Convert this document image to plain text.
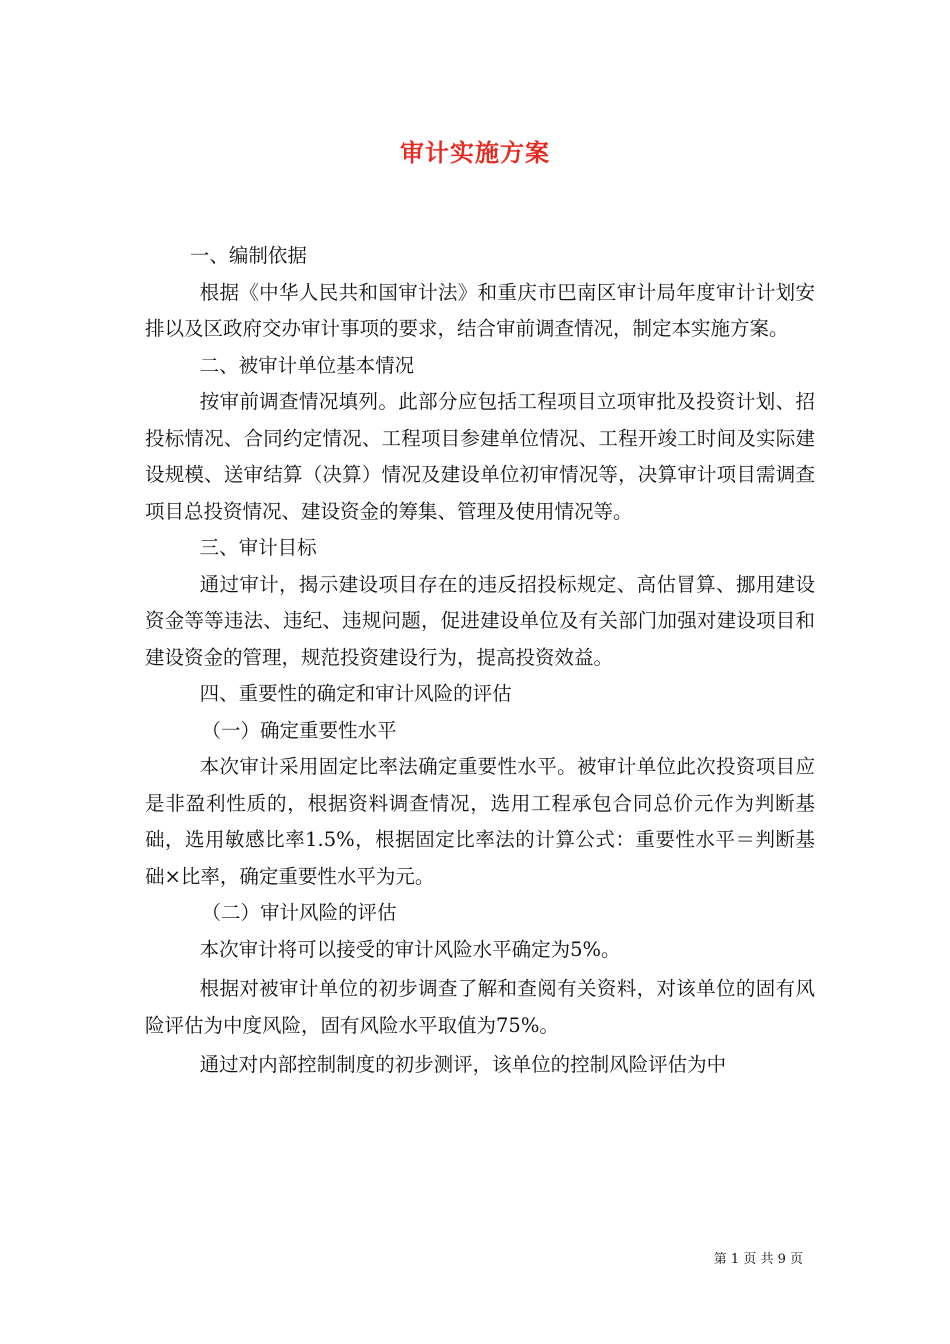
审计实施方案

一、编制依据

根据《中华人民共和国审计法》和重庆市巴南区审计局年度审计计划安排以及区政府交办审计事项的要求，结合审前调查情况，制定本实施方案。

二、被审计单位基本情况

按审前调查情况填列。此部分应包括工程项目立项审批及投资计划、招投标情况、合同约定情况、工程项目参建单位情况、工程开竣工时间及实际建设规模、送审结算（决算）情况及建设单位初审情况等，决算审计项目需调查项目总投资情况、建设资金的筹集、管理及使用情况等。

三、审计目标

通过审计，揭示建设项目存在的违反招投标规定、高估冒算、挪用建设资金等等违法、违纪、违规问题，促进建设单位及有关部门加强对建设项目和建设资金的管理，规范投资建设行为，提高投资效益。

四、重要性的确定和审计风险的评估

（一）确定重要性水平

本次审计采用固定比率法确定重要性水平。被审计单位此次投资项目应是非盈利性质的，根据资料调查情况，选用工程承包合同总价元作为判断基础，选用敏感比率1.5%，根据固定比率法的计算公式：重要性水平＝判断基础×比率，确定重要性水平为元。

（二）审计风险的评估

本次审计将可以接受的审计风险水平确定为5%。

根据对被审计单位的初步调查了解和查阅有关资料，对该单位的固有风险评估为中度风险，固有风险水平取值为75%。

通过对内部控制制度的初步测评，该单位的控制风险评估为中

第 1 页 共 9 页
